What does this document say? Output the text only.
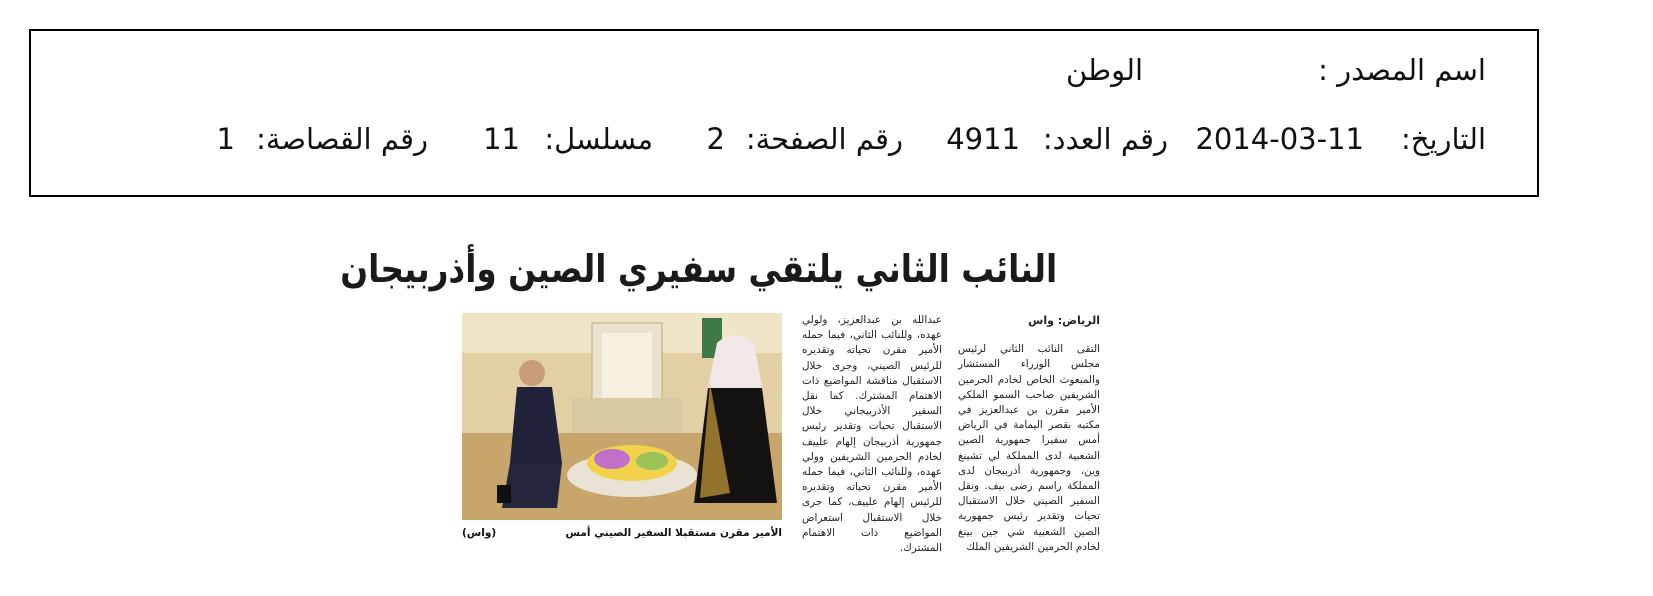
اسم المصدر :
الوطن
التاريخ:
2014-03-11
رقم العدد:
4911
رقم الصفحة:
2
مسلسل:
11
رقم القصاصة:
1
النائب الثاني يلتقي سفيري الصين وأذربيجان
الرياض: واس
التقى النائب الثاني لرئيس مجلس الوزراء المستشار والمبعوث الخاص لخادم الحرمين الشريفين صاحب السمو الملكي الأمير مقرن بن عبدالعزيز في مكتبه بقصر اليمامة في الرياض أمس سفيرا جمهورية الصين الشعبية لدى المملكة لي تشينغ وين، وجمهورية أذربيجان لدى المملكة راسم رضى بيف. ونقل السفير الصيني خلال الاستقبال تحيات وتقدير رئيس جمهورية الصين الشعبية شي جين بينغ لخادم الحرمين الشريفين الملك
عبدالله بن عبدالعزيز، ولولي عهده، وللنائب الثاني، فيما حمله الأمير مقرن تحياته وتقديره للرئيس الصيني، وجرى خلال الاستقبال مناقشة المواضيع ذات الاهتمام المشترك. كما نقل السفير الأذربيجاني خلال الاستقبال تحيات وتقدير رئيس جمهورية أذربيجان إلهام علييف لخادم الحرمين الشريفين وولي عهده، وللنائب الثاني، فيما حمله الأمير مقرن تحياته وتقديره للرئيس إلهام علييف، كما جرى خلال الاستقبال استعراض المواضيع ذات الاهتمام المشترك.
الأمير مقرن مستقبلا السفير الصيني أمس
(واس)
